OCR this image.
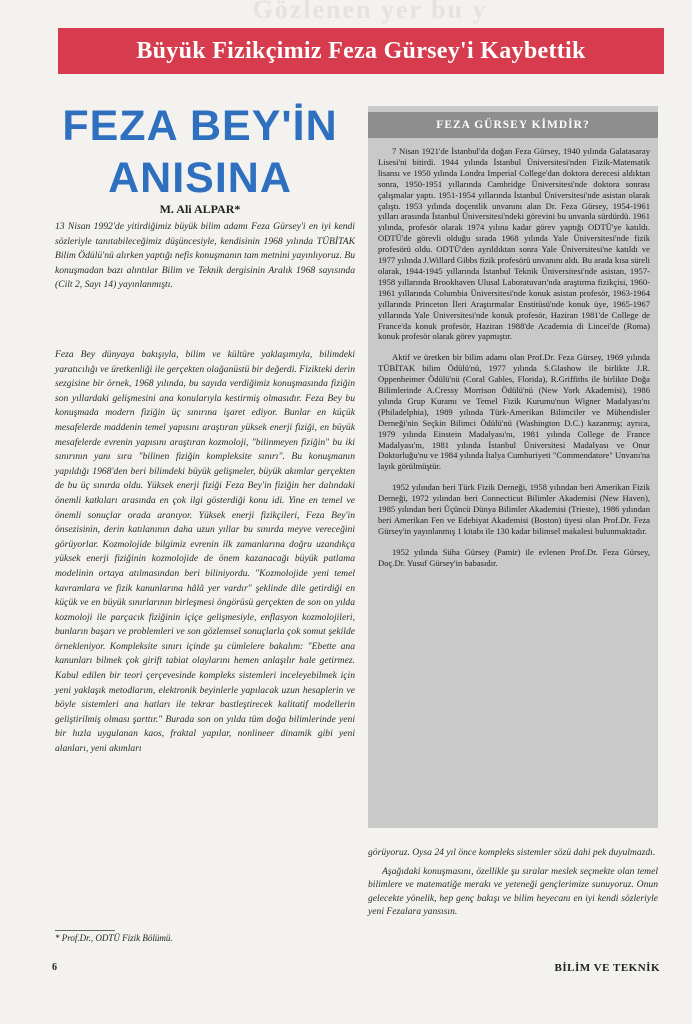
Gözlenen yer bu y
Büyük Fizikçimiz Feza Gürsey'i Kaybettik
FEZA BEY'İN
ANISINA
M. Ali ALPAR*
13 Nisan 1992'de yitirdiğimiz büyük bilim adamı Feza Gürsey'i en iyi kendi sözleriyle tanıtabileceğimiz düşüncesiyle, kendisinin 1968 yılında TÜBİTAK Bilim Ödülü'nü alırken yaptığı nefis konuşmanın tam metnini yayınlıyoruz. Bu konuşmadan bazı alıntılar Bilim ve Teknik dergisinin Aralık 1968 sayısında (Cilt 2, Sayı 14) yayınlanmıştı.
Feza Bey dünyaya bakışıyla, bilim ve kültüre yaklaşımıyla, bilimdeki yaratıcılığı ve üretkenliği ile gerçekten olağanüstü bir değerdi. Fizikteki derin sezgisine bir örnek, 1968 yılında, bu sayıda verdiğimiz konuşmasında fiziğin son yıllardaki gelişmesini ana konularıyla kestirmiş olmasıdır. Feza Bey bu konuşmada modern fiziğin üç sınırına işaret ediyor. Bunlar en küçük mesafelerde maddenin temel yapısını araştıran yüksek enerji fiziği, en büyük mesafelerde evrenin yapısını araştıran kozmoloji, "bilinmeyen fiziğin" bu iki sınırının yanı sıra "bilinen fiziğin kompleksite sınırı". Bu konuşmanın yapıldığı 1968'den beri bilimdeki büyük gelişmeler, büyük akımlar gerçekten de bu üç sınırda oldu. Yüksek enerji fiziği Feza Bey'in fiziğin her dalındaki önemli katkıları arasında en çok ilgi gösterdiği konu idi. Yine en temel ve önemli sonuçlar orada aranıyor. Yüksek enerji fizikçileri, Feza Bey'in önsezisinin, derin katılanının daha uzun yıllar bu sınırda meyve vereceğini görüyorlar. Kozmolojide bilgimiz evrenin ilk zamanlarına doğru uzandıkça yüksek enerji fiziğinin kozmolojide de önem kazanacağı büyük patlama modelinin ortaya atılmasından beri biliniyordu. "Kozmolojide yeni temel kavramlara ve fizik kanunlarına hâlâ yer vardır" şeklinde dile getirdiği en küçük ve en büyük sınırlarının birleşmesi öngörüsü gerçekten de son on yılda kozmoloji ile parçacık fiziğinin içiçe gelişmesiyle, enflasyon kozmolojileri, bunların başarı ve problemleri ve son gözlemsel sonuçlarla çok somut şekilde örnekleniyor. Kompleksite sınırı içinde şu cümlelere bakalım: "Ebette ana kanunları bilmek çok girift tabiat olaylarını hemen anlaşılır hale getirmez. Kabul edilen bir teori çerçevesinde kompleks sistemleri inceleyebilmek için yeni yaklaşık metodlarım, elektronik beyinlerle yapılacak uzun hesaplerin ve böyle sistemleri ana hatları ile tekrar bastleştirecek kalitatif modellerin geliştirilmiş olması şarttır." Burada son on yılda tüm doğa bilimlerinde yeni bir hızla uygulanan kaos, fraktal yapılar, nonlineer dinamik gibi yeni alanları, yeni akımları
* Prof.Dr., ODTÜ Fizik Bölümü.
FEZA GÜRSEY KİMDİR?

7 Nisan 1921'de İstanbul'da doğan Feza Gürsey, 1940 yılında Galatasaray Lisesi'ni bitirdi. 1944 yılında İstanbul Üniversitesi'nden Fizik-Matematik lisansı ve 1950 yılında Londra Imperial College'dan doktora derecesi aldıktan sonra, 1950-1951 yıllarında Cambridge Üniversitesi'nde doktora sonrası çalışmalar yaptı. 1951-1954 yıllarında İstanbul Üniversitesi'nde asistan olarak çalıştı. 1953 yılında doçentlik unvanını alan Dr. Feza Gürsey, 1954-1961 yılları arasında İstanbul Üniversitesi'ndeki görevini bu unvanla sürdürdü. 1961 yılında, profesör olarak 1974 yılına kadar görev yaptığı ODTÜ'ye katıldı. ODTÜ'de görevli olduğu sırada 1968 yılında Yale Üniversitesi'nde fizik profesörü oldu. ODTÜ'den ayrıldıktan sonra Yale Üniversitesi'ne katıldı ve 1977 yılında J.Willard Gibbs fizik profesörü unvanını aldı. Bu arada kısa süreli olarak, 1944-1945 yıllarında İstanbul Teknik Üniversitesi'nde asistan, 1957-1958 yıllarında Brookhaven Ulusal Laboratuvarı'nda araştırma fizikçisi, 1960-1961 yıllarında Columbia Üniversitesi'nde konuk asistan profesör, 1963-1964 yıllarında Princeton İleri Araştırmalar Enstitüsü'nde konuk üye, 1965-1967 yıllarında Yale Üniversitesi'nde konuk profesör, Haziran 1981'de College de France'da konuk profesör, Haziran 1988'de Academia di Lincei'de (Roma) konuk profesör olarak görev yapmıştır.

Aktif ve üretken bir bilim adamı olan Prof.Dr. Feza Gürsey, 1969 yılında TÜBİTAK bilim Ödülü'nü, 1977 yılında S.Glashow ile birlikte J.R. Oppenheimer Ödülü'nü (Coral Gables, Florida), R.Griffiths ile birlikte Doğa Bilimlerinde A.Cressy Morrison Ödülü'nü (New York Akademisi), 1986 yılında Grup Kuramı ve Temel Fizik Kurumu'nun Wigner Madalyası'nı (Philadelphia), 1989 yılında Türk-Amerikan Bilimciler ve Mühendisler Derneği'nin Seçkin Bilimci Ödülü'nü (Washington D.C.) kazanmış; ayrıca, 1979 yılında Einstein Madalyası'nı, 1981 yılında College de France Madalyası'nı, 1981 yılında İstanbul Üniversitesi Madalyası ve Onur Doktorluğu'nu ve 1984 yılında İtalya Cumhuriyeti "Commendatore" Unvanı'na layık görülmüştür.

1952 yılından beri Türk Fizik Derneği, 1958 yılından beri Amerikan Fizik Derneği, 1972 yılından beri Connecticut Bilimler Akademisi (New Haven), 1985 yılından beri Üçüncü Dünya Bilimler Akademisi (Trieste), 1986 yılından beri Amerikan Fen ve Edebiyat Akademisi (Boston) üyesi olan Prof.Dr. Feza Gürsey'in yayınlanmış 1 kitabı ile 130 kadar bilimsel makalesi bulunmaktadır.

1952 yılında Süha Gürsey (Pamir) ile evlenen Prof.Dr. Feza Gürsey, Doç.Dr. Yusuf Gürsey'in babasıdır.

görüyoruz. Oysa 24 yıl önce kompleks sistemler sözü dahi pek duyulmazdı.

Aşağıdaki konuşmasını, özellikle şu sıralar meslek seçmekte olan temel bilimlere ve matematiğe merakı ve yeteneği gençlerimize sunuyoruz. Onun gelecekte yönelik, hep genç bakışı ve bilim heyecanı en iyi kendi sözleriyle yeni Fezalara yansısın.

6	BİLİM VE TEKNİK
